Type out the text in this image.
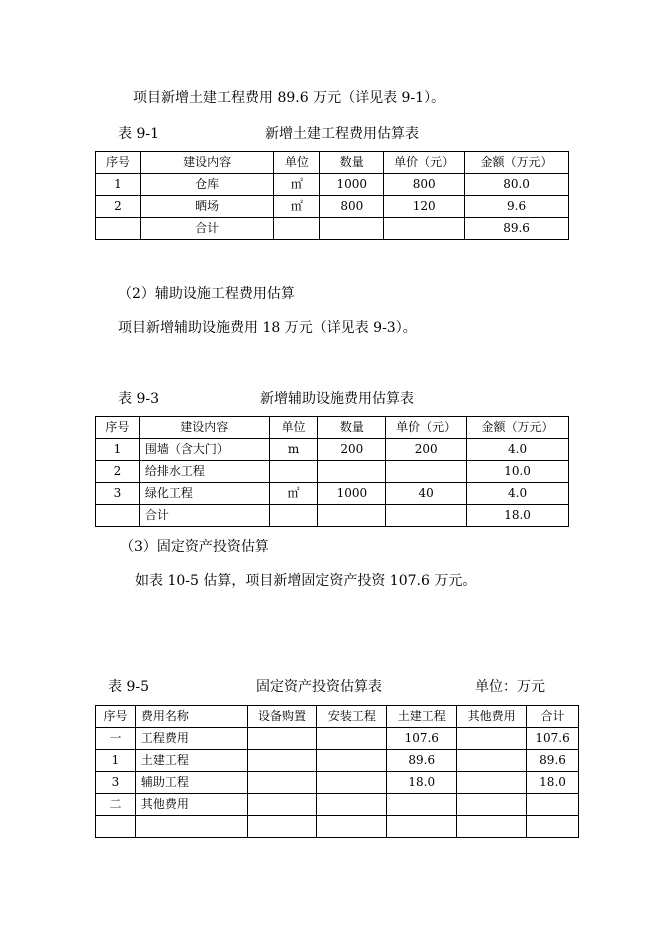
项目新增土建工程费用 89.6 万元（详见表 9-1）。
表 9-1	新增土建工程费用估算表
序号	建设内容	单位	数量	单价（元）	金额（万元）
1	仓库	㎡	1000	800	80.0
2	晒场	㎡	800	120	9.6
	合计				89.6
（2）辅助设施工程费用估算
项目新增辅助设施费用 18 万元（详见表 9-3）。
表 9-3	新增辅助设施费用估算表
序号	建设内容	单位	数量	单价（元）	金额（万元）
1	围墙（含大门）	m	200	200	4.0
2	给排水工程				10.0
3	绿化工程	㎡	1000	40	4.0
	合计				18.0
（3）固定资产投资估算
如表 10-5 估算，项目新增固定资产投资 107.6 万元。
表 9-5	固定资产投资估算表	单位：万元
序号	费用名称	设备购置	安装工程	土建工程	其他费用	合计
一	工程费用			107.6		107.6
1	土建工程			89.6		89.6
3	辅助工程			18.0		18.0
二	其他费用					
